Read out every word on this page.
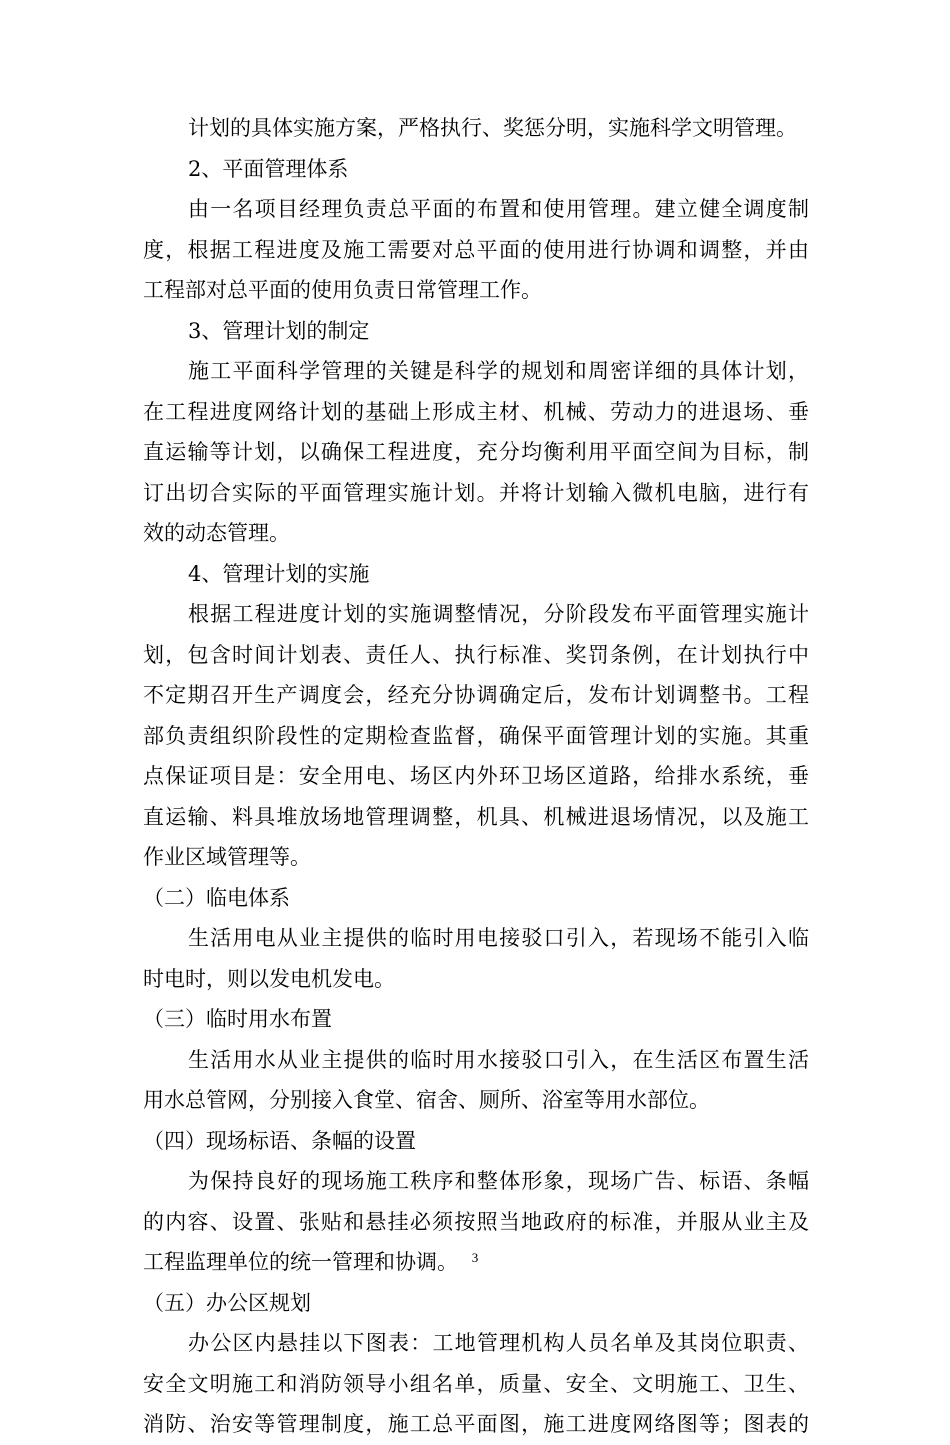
计划的具体实施方案，严格执行、奖惩分明，实施科学文明管理。
2、平面管理体系
由一名项目经理负责总平面的布置和使用管理。建立健全调度制
度，根据工程进度及施工需要对总平面的使用进行协调和调整，并由
工程部对总平面的使用负责日常管理工作。
3、管理计划的制定
施工平面科学管理的关键是科学的规划和周密详细的具体计划，
在工程进度网络计划的基础上形成主材、机械、劳动力的进退场、垂
直运输等计划，以确保工程进度，充分均衡利用平面空间为目标，制
订出切合实际的平面管理实施计划。并将计划输入微机电脑，进行有
效的动态管理。
4、管理计划的实施
根据工程进度计划的实施调整情况，分阶段发布平面管理实施计
划，包含时间计划表、责任人、执行标准、奖罚条例，在计划执行中
不定期召开生产调度会，经充分协调确定后，发布计划调整书。工程
部负责组织阶段性的定期检查监督，确保平面管理计划的实施。其重
点保证项目是：安全用电、场区内外环卫场区道路，给排水系统，垂
直运输、料具堆放场地管理调整，机具、机械进退场情况，以及施工
作业区域管理等。
（二）临电体系
生活用电从业主提供的临时用电接驳口引入，若现场不能引入临
时电时，则以发电机发电。
（三）临时用水布置
生活用水从业主提供的临时用水接驳口引入，在生活区布置生活
用水总管网，分别接入食堂、宿舍、厕所、浴室等用水部位。
（四）现场标语、条幅的设置
为保持良好的现场施工秩序和整体形象，现场广告、标语、条幅
的内容、设置、张贴和悬挂必须按照当地政府的标准，并服从业主及
工程监理单位的统一管理和协调。
（五）办公区规划
办公区内悬挂以下图表：工地管理机构人员名单及其岗位职责、
安全文明施工和消防领导小组名单，质量、安全、文明施工、卫生、
消防、治安等管理制度，施工总平面图，施工进度网络图等；图表的
3
